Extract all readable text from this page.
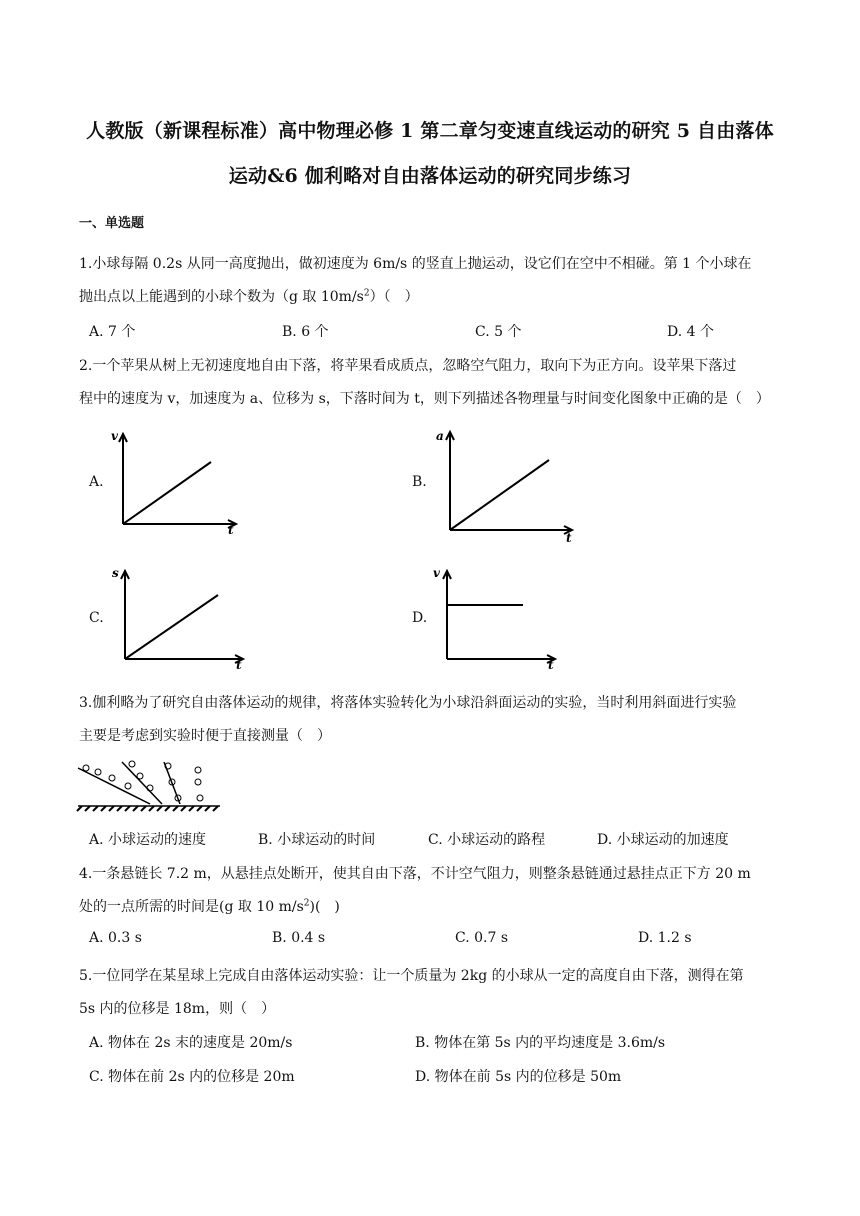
人教版（新课程标准）高中物理必修 1 第二章匀变速直线运动的研究 5 自由落体
运动&6 伽利略对自由落体运动的研究同步练习
一、单选题
1.小球每隔 0.2s 从同一高度抛出，做初速度为 6m/s 的竖直上抛运动，设它们在空中不相碰。第 1 个小球在
抛出点以上能遇到的小球个数为（g 取 $10m/s^2$）（　）
A. 7 个	B. 6 个	C. 5 个	D. 4 个
2.一个苹果从树上无初速度地自由下落，将苹果看成质点，忽略空气阻力，取向下为正方向。设苹果下落过
程中的速度为 v，加速度为 a、位移为 s，下落时间为 t，则下列描述各物理量与时间变化图象中正确的是（　）
A.
v
t
B.
a
t
C.
s
t
D.
v
t
3.伽利略为了研究自由落体运动的规律，将落体实验转化为小球沿斜面运动的实验，当时利用斜面进行实验
主要是考虑到实验时便于直接测量（　）
A. 小球运动的速度	B. 小球运动的时间	C. 小球运动的路程	D. 小球运动的加速度
4.一条悬链长 7.2 m，从悬挂点处断开，使其自由下落，不计空气阻力，则整条悬链通过悬挂点正下方 20 m
处的一点所需的时间是(g 取 10 $m/s^2$)(　)
A. 0.3 s	B. 0.4 s	C. 0.7 s	D. 1.2 s
5.一位同学在某星球上完成自由落体运动实验：让一个质量为 2kg 的小球从一定的高度自由下落，测得在第
5s 内的位移是 18m，则（　）
A. 物体在 2s 末的速度是 20m/s	B. 物体在第 5s 内的平均速度是 3.6m/s
C. 物体在前 2s 内的位移是 20m	D. 物体在前 5s 内的位移是 50m
